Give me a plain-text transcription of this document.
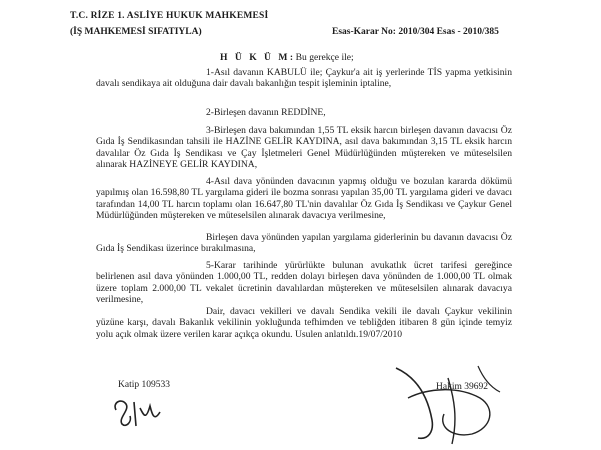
T.C. RİZE 1. ASLİYE HUKUK MAHKEMESİ
(İŞ MAHKEMESİ SIFATIYLA)	Esas-Karar No: 2010/304 Esas - 2010/385

H Ü K Ü M:Bu gerekçe ile;

1-Asıl davanın KABULÜ ile; Çaykur'a ait iş yerlerinde TİS yapma yetkisinin davalı sendikaya ait olduğuna dair davalı bakanlığın tespit işleminin iptaline,

2-Birleşen davanın REDDİNE,

3-Birleşen dava bakımından 1,55 TL eksik harcın birleşen davanın davacısı Öz Gıda İş Sendikasından tahsili ile HAZİNE GELİR KAYDINA, asıl dava bakımından 3,15 TL eksik harcın davalılar Öz Gıda İş Sendikası ve Çay İşletmeleri Genel Müdürlüğünden müştereken ve müteselsilen alınarak HAZİNEYE GELİR KAYDINA,

4-Asıl dava yönünden davacının yapmış olduğu ve bozulan kararda dökümü yapılmış olan 16.598,80 TL yargılama gideri ile bozma sonrası yapılan 35,00 TL yargılama gideri ve davacı tarafından 14,00 TL harcın toplamı olan 16.647,80 TL'nin davalılar Öz Gıda İş Sendikası ve Çaykur Genel Müdürlüğünden müştereken ve müteselsilen alınarak davacıya verilmesine,

Birleşen dava yönünden yapılan yargılama giderlerinin bu davanın davacısı Öz Gıda İş Sendikası üzerince bırakılmasına,

5-Karar tarihinde yürürlükte bulunan avukatlık ücret tarifesi gereğince belirlenen asıl dava yönünden 1.000,00 TL, redden dolayı birleşen dava yönünden de 1.000,00 TL olmak üzere toplam 2.000,00 TL vekalet ücretinin davalılardan müştereken ve müteselsilen alınarak davacıya verilmesine,

Dair, davacı vekilleri ve davalı Sendika vekili ile davalı Çaykur vekilinin yüzüne karşı, davalı Bakanlık vekilinin yokluğunda tefhimden ve tebliğden itibaren 8 gün içinde temyiz yolu açık olmak üzere verilen karar açıkça okundu. Usulen anlatıldı.19/07/2010

Katip 109533	Hakim 39692
